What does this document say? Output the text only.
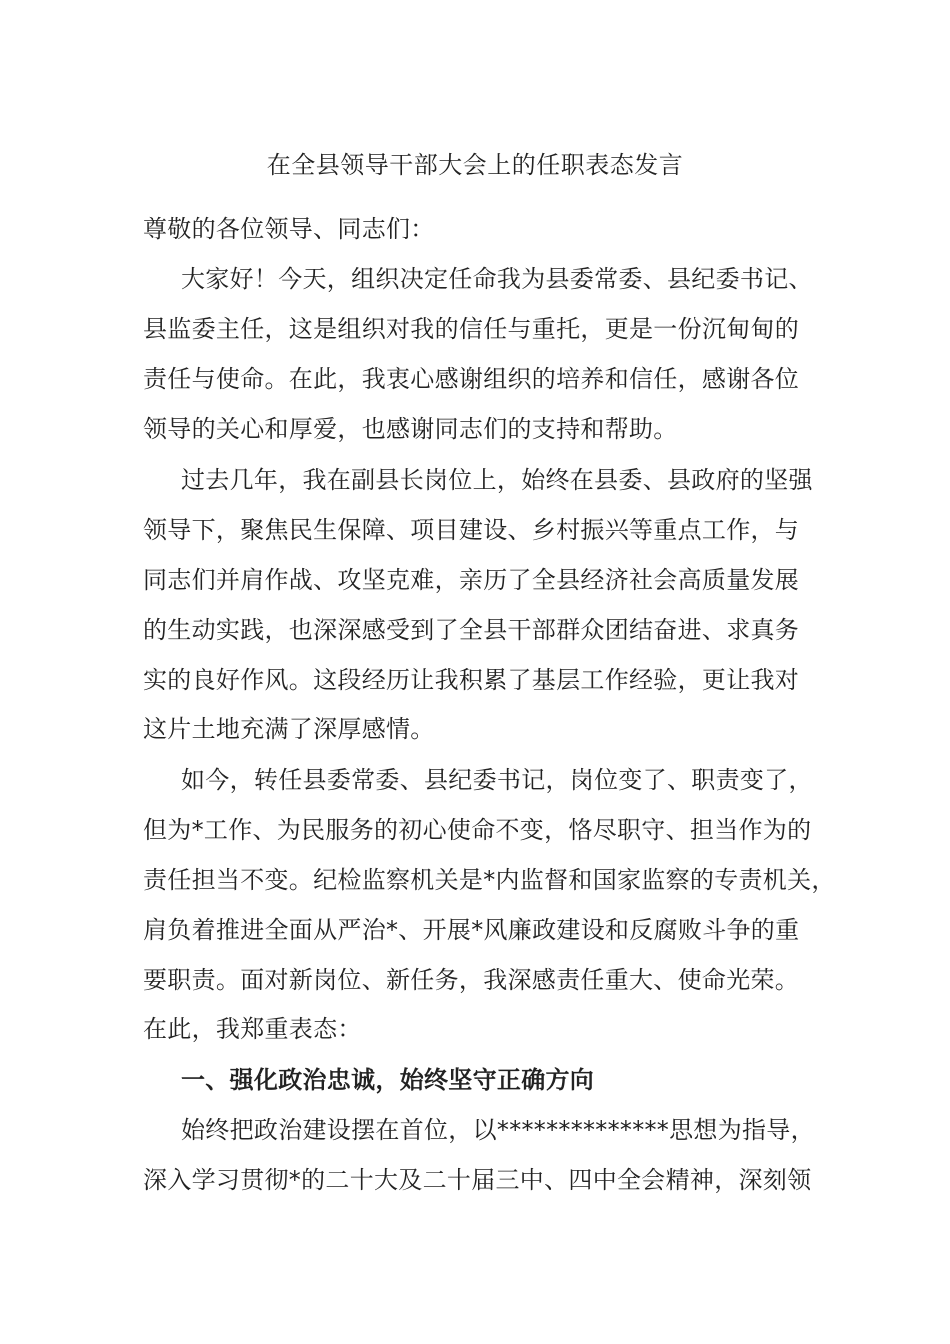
在全县领导干部大会上的任职表态发言
尊敬的各位领导、同志们：
大家好！今天，组织决定任命我为县委常委、县纪委书记、
县监委主任，这是组织对我的信任与重托，更是一份沉甸甸的
责任与使命。在此，我衷心感谢组织的培养和信任，感谢各位
领导的关心和厚爱，也感谢同志们的支持和帮助。
过去几年，我在副县长岗位上，始终在县委、县政府的坚强
领导下，聚焦民生保障、项目建设、乡村振兴等重点工作，与
同志们并肩作战、攻坚克难，亲历了全县经济社会高质量发展
的生动实践，也深深感受到了全县干部群众团结奋进、求真务
实的良好作风。这段经历让我积累了基层工作经验，更让我对
这片土地充满了深厚感情。
如今，转任县委常委、县纪委书记，岗位变了、职责变了，
但为*工作、为民服务的初心使命不变，恪尽职守、担当作为的
责任担当不变。纪检监察机关是*内监督和国家监察的专责机关，
肩负着推进全面从严治*、开展*风廉政建设和反腐败斗争的重
要职责。面对新岗位、新任务，我深感责任重大、使命光荣。
在此，我郑重表态：
一、强化政治忠诚，始终坚守正确方向
始终把政治建设摆在首位，以**************思想为指导，
深入学习贯彻*的二十大及二十届三中、四中全会精神，深刻领
